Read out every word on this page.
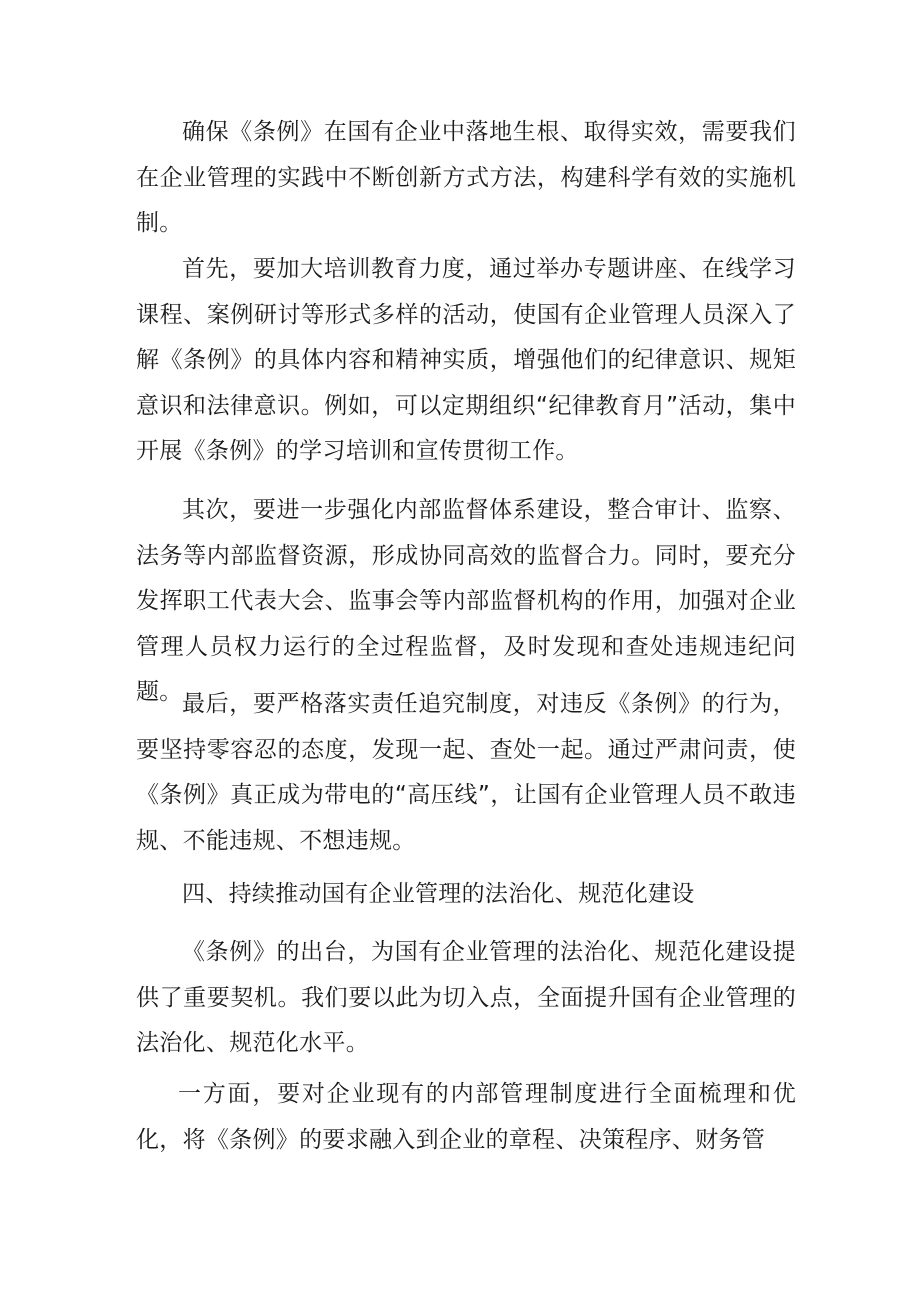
确保《条例》在国有企业中落地生根、取得实效，需要我们在企业管理的实践中不断创新方式方法，构建科学有效的实施机制。

首先，要加大培训教育力度，通过举办专题讲座、在线学习课程、案例研讨等形式多样的活动，使国有企业管理人员深入了解《条例》的具体内容和精神实质，增强他们的纪律意识、规矩意识和法律意识。例如，可以定期组织“纪律教育月”活动，集中开展《条例》的学习培训和宣传贯彻工作。

其次，要进一步强化内部监督体系建设，整合审计、监察、法务等内部监督资源，形成协同高效的监督合力。同时，要充分发挥职工代表大会、监事会等内部监督机构的作用，加强对企业管理人员权力运行的全过程监督，及时发现和查处违规违纪问题。 最后，要严格落实责任追究制度，对违反《条例》的行为，要坚持零容忍的态度，发现一起、查处一起。通过严肃问责，使《条例》真正成为带电的“高压线”，让国有企业管理人员不敢违规、不能违规、不想违规。

四、持续推动国有企业管理的法治化、规范化建设

《条例》的出台，为国有企业管理的法治化、规范化建设提供了重要契机。我们要以此为切入点，全面提升国有企业管理的法治化、规范化水平。

一方面，要对企业现有的内部管理制度进行全面梳理和优化，将《条例》的要求融入到企业的章程、决策程序、财务管
